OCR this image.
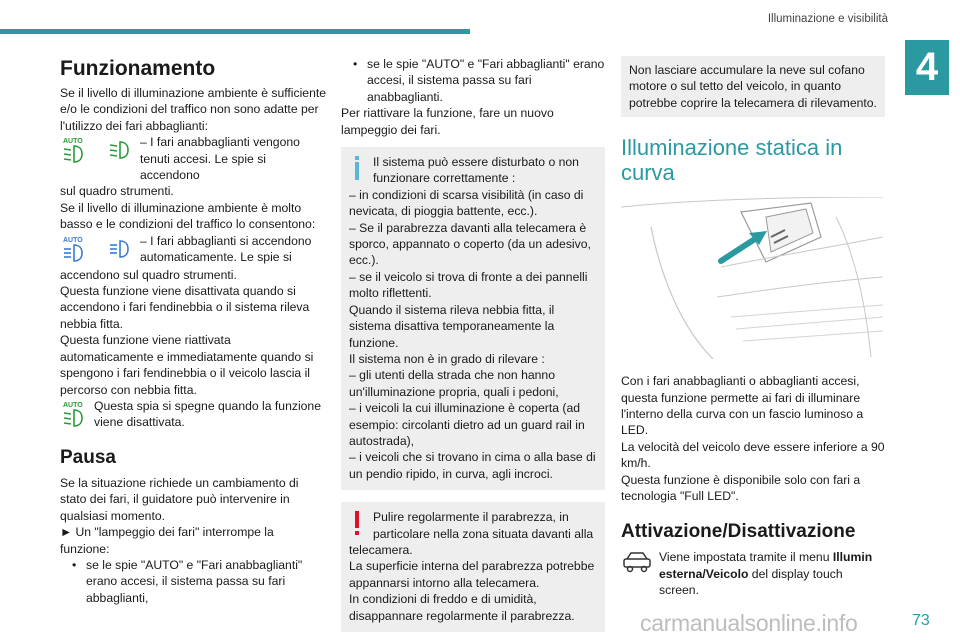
Illuminazione e visibilità
4
Funzionamento

Se il livello di illuminazione ambiente è sufficiente e/o le condizioni del traffico non sono adatte per l'utilizzo dei fari abbaglianti:

AUTO	– I fari anabbaglianti vengono tenuti accesi. Le spie si accendono

sul quadro strumenti.

Se il livello di illuminazione ambiente è molto basso e le condizioni del traffico lo consentono:

AUTO	– I fari abbaglianti si accendono automaticamente. Le spie si

accendono sul quadro strumenti.

Questa funzione viene disattivata quando si accendono i fari fendinebbia o il sistema rileva nebbia fitta.

Questa funzione viene riattivata automaticamente e immediatamente quando si spengono i fari fendinebbia o il veicolo lascia il percorso con nebbia fitta.

AUTO Questa spia si spegne quando la funzione viene disattivata.
Pausa

Se la situazione richiede un cambiamento di stato dei fari, il guidatore può intervenire in qualsiasi momento.

► Un "lampeggio dei fari" interrompe la funzione:

• se le spie "AUTO" e "Fari anabbaglianti" erano accesi, il sistema passa su fari abbaglianti,
• se le spie "AUTO" e "Fari abbaglianti" erano accesi, il sistema passa su fari anabbaglianti.

Per riattivare la funzione, fare un nuovo lampeggio dei fari.

Il sistema può essere disturbato o non funzionare correttamente :

– in condizioni di scarsa visibilità (in caso di nevicata, di pioggia battente, ecc.).

– Se il parabrezza davanti alla telecamera è sporco, appannato o coperto (da un adesivo, ecc.).

– se il veicolo si trova di fronte a dei pannelli molto riflettenti.

Quando il sistema rileva nebbia fitta, il sistema disattiva temporaneamente la funzione.

Il sistema non è in grado di rilevare :

– gli utenti della strada che non hanno un'illuminazione propria, quali i pedoni,

– i veicoli la cui illuminazione è coperta (ad esempio: circolanti dietro ad un guard rail in autostrada),

– i veicoli che si trovano in cima o alla base di un pendio ripido, in curva, agli incroci.

Pulire regolarmente il parabrezza, in particolare nella zona situata davanti alla

telecamera.

La superficie interna del parabrezza potrebbe appannarsi intorno alla telecamera.

In condizioni di freddo e di umidità, disappannare regolarmente il parabrezza.

Non lasciare accumulare la neve sul cofano motore o sul tetto del veicolo, in quanto potrebbe coprire la telecamera di rilevamento.

Illuminazione statica in curva

Con i fari anabbaglianti o abbaglianti accesi, questa funzione permette ai fari di illuminare l'interno della curva con un fascio luminoso a LED.

La velocità del veicolo deve essere inferiore a 90 km/h.

Questa funzione è disponibile solo con fari a tecnologia "Full LED".

Attivazione/Disattivazione
Viene impostata tramite il menu Illumin esterna/Veicolo del display touch screen.
carmanualsonline.info	73
